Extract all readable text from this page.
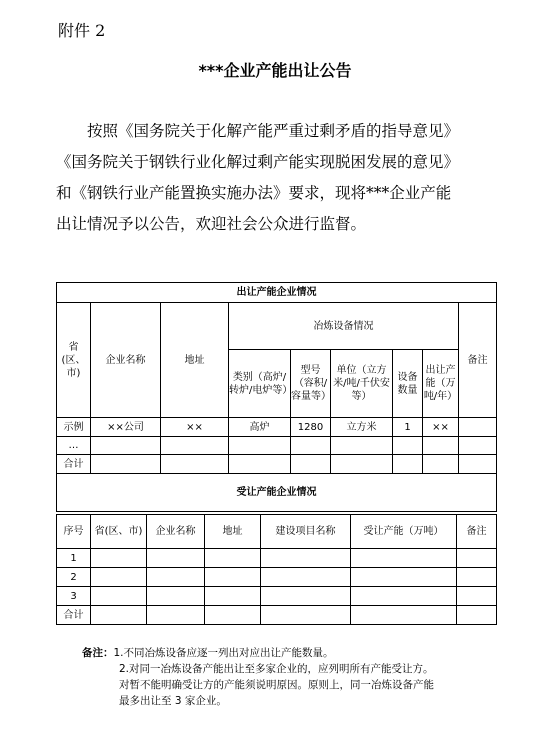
附件 2
***企业产能出让公告

按照《国务院关于化解产能严重过剩矛盾的指导意见》

《国务院关于钢铁行业化解过剩产能实现脱困发展的意见》

和《钢铁行业产能置换实施办法》要求，现将***企业产能

出让情况予以公告，欢迎社会公众进行监督。

出让产能企业情况								
省(区、市)	企业名称	地址	冶炼设备情况					备注
			类别（高炉/转炉/电炉等）	型号（容积/容量等）	单位（立方米/吨/千伏安等）	设备数量	出让产能（万吨/年）	
示例	××公司	××	高炉	1280	立方米	1	××	
…								
合计								
受让产能企业情况								
序号	省(区、市)	企业名称	地址	建设项目名称	受让产能（万吨）	备注
1						
2						
3						
合计						
备注：1.不同冶炼设备应逐一列出对应出让产能数量。
2.对同一冶炼设备产能出让至多家企业的，应列明所有产能受让方。
对暂不能明确受让方的产能须说明原因。原则上，同一冶炼设备产能
最多出让至 3 家企业。
